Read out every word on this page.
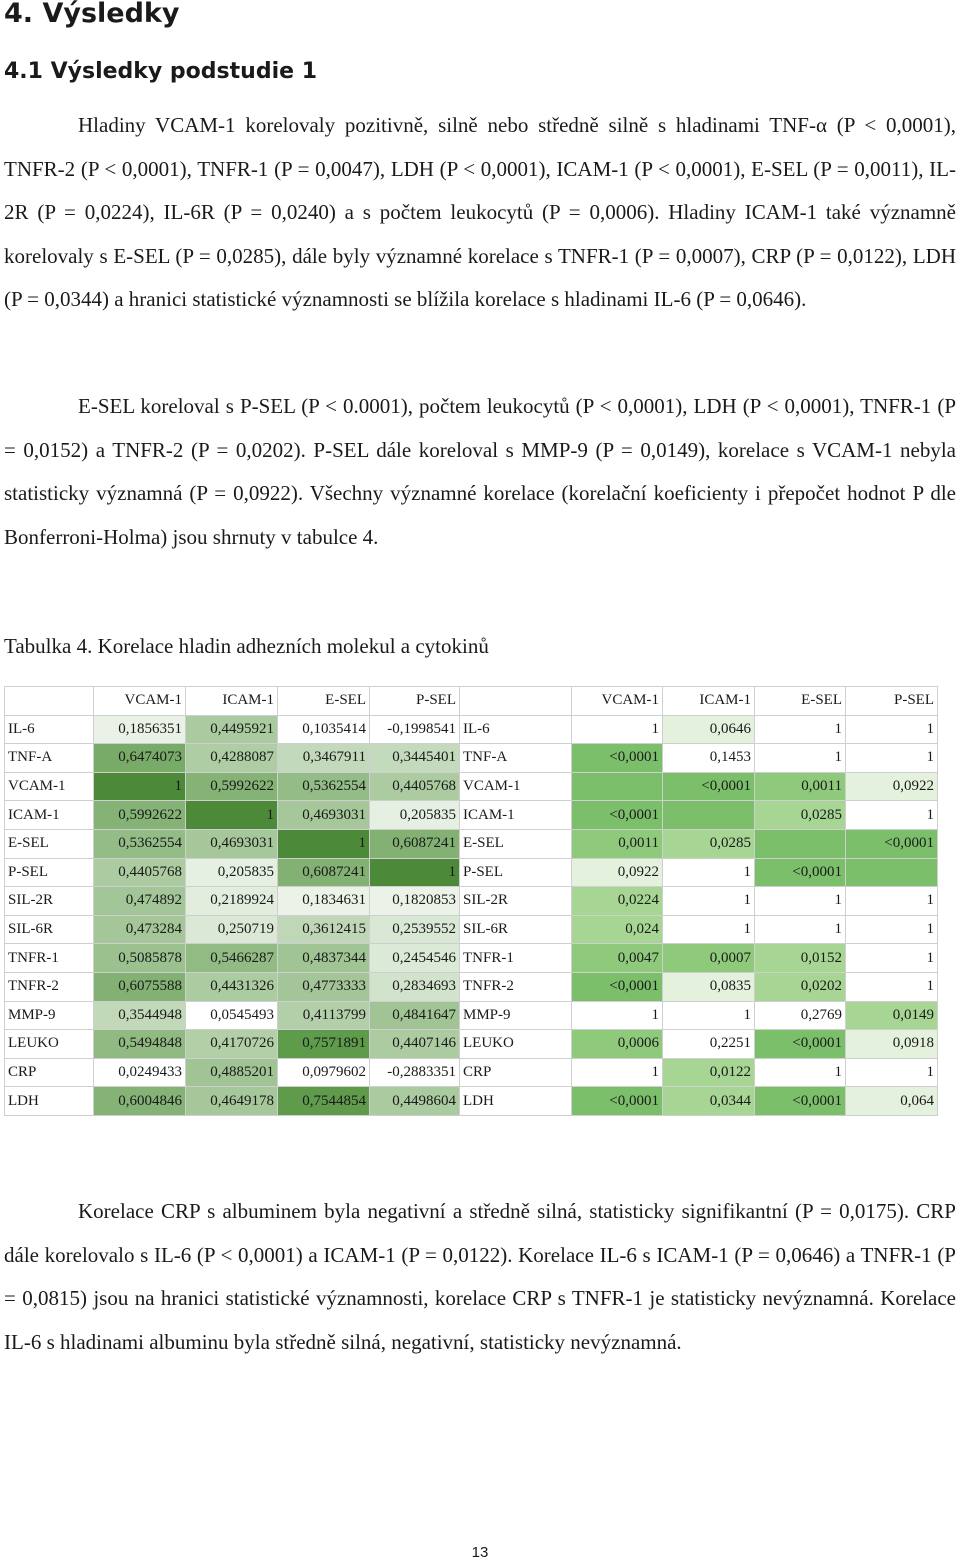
4. Výsledky
4.1 Výsledky podstudie 1

Hladiny VCAM-1 korelovaly pozitivně, silně nebo středně silně s hladinami TNF-α (P < 0,0001), TNFR-2 (P < 0,0001), TNFR-1 (P = 0,0047), LDH (P < 0,0001), ICAM-1 (P < 0,0001), E-SEL (P = 0,0011), IL-2R (P = 0,0224), IL-6R (P = 0,0240) a s počtem leukocytů (P = 0,0006). Hladiny ICAM-1 také významně korelovaly s E-SEL (P = 0,0285), dále byly významné korelace s TNFR-1 (P = 0,0007), CRP (P = 0,0122), LDH (P = 0,0344) a hranici statistické významnosti se blížila korelace s hladinami IL-6 (P = 0,0646).

E-SEL koreloval s P-SEL (P < 0.0001), počtem leukocytů (P < 0,0001), LDH (P < 0,0001), TNFR-1 (P = 0,0152) a TNFR-2 (P = 0,0202). P-SEL dále koreloval s MMP-9 (P = 0,0149), korelace s VCAM-1 nebyla statisticky významná (P = 0,0922). Všechny významné korelace (korelační koeficienty i přepočet hodnot P dle Bonferroni-Holma) jsou shrnuty v tabulce 4.

Tabulka 4. Korelace hladin adhezních molekul a cytokinů
	VCAM-1	ICAM-1	E-SEL	P-SEL		VCAM-1	ICAM-1	E-SEL	P-SEL
IL-6	0,1856351	0,4495921	0,1035414	-0,1998541	IL-6	1	0,0646	1	1
TNF-A	0,6474073	0,4288087	0,3467911	0,3445401	TNF-A	<0,0001	0,1453	1	1
VCAM-1	1	0,5992622	0,5362554	0,4405768	VCAM-1		<0,0001	0,0011	0,0922
ICAM-1	0,5992622	1	0,4693031	0,205835	ICAM-1	<0,0001		0,0285	1
E-SEL	0,5362554	0,4693031	1	0,6087241	E-SEL	0,0011	0,0285		<0,0001
P-SEL	0,4405768	0,205835	0,6087241	1	P-SEL	0,0922	1	<0,0001	
SIL-2R	0,474892	0,2189924	0,1834631	0,1820853	SIL-2R	0,0224	1	1	1
SIL-6R	0,473284	0,250719	0,3612415	0,2539552	SIL-6R	0,024	1	1	1
TNFR-1	0,5085878	0,5466287	0,4837344	0,2454546	TNFR-1	0,0047	0,0007	0,0152	1
TNFR-2	0,6075588	0,4431326	0,4773333	0,2834693	TNFR-2	<0,0001	0,0835	0,0202	1
MMP-9	0,3544948	0,0545493	0,4113799	0,4841647	MMP-9	1	1	0,2769	0,0149
LEUKO	0,5494848	0,4170726	0,7571891	0,4407146	LEUKO	0,0006	0,2251	<0,0001	0,0918
CRP	0,0249433	0,4885201	0,0979602	-0,2883351	CRP	1	0,0122	1	1
LDH	0,6004846	0,4649178	0,7544854	0,4498604	LDH	<0,0001	0,0344	<0,0001	0,064

Korelace CRP s albuminem byla negativní a středně silná, statisticky signifikantní (P = 0,0175). CRP dále korelovalo s IL-6 (P < 0,0001) a ICAM-1 (P = 0,0122). Korelace IL-6 s ICAM-1 (P = 0,0646) a TNFR-1 (P = 0,0815) jsou na hranici statistické významnosti, korelace CRP s TNFR-1 je statisticky nevýznamná. Korelace IL-6 s hladinami albuminu byla středně silná, negativní, statisticky nevýznamná.

13
